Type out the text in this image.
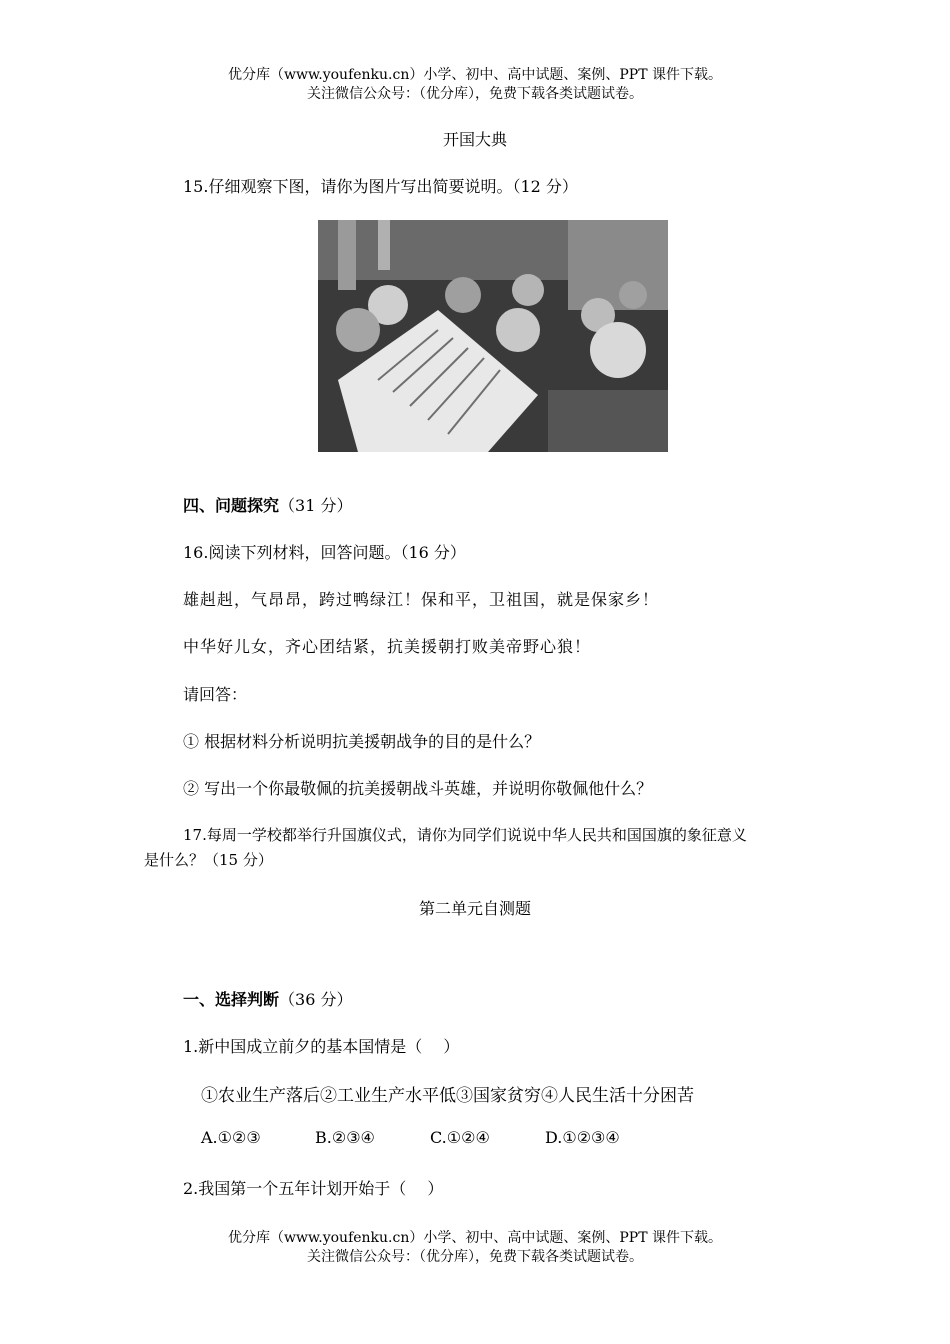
优分库（www.youfenku.cn）小学、初中、高中试题、案例、PPT 课件下载。
关注微信公众号：（优分库），免费下载各类试题试卷。
开国大典
15.仔细观察下图，请你为图片写出简要说明。（12 分）
四、问题探究（31 分）
16.阅读下列材料，回答问题。（16 分）
雄赳赳，气昂昂，跨过鸭绿江！保和平，卫祖国，就是保家乡！
中华好儿女，齐心团结紧，抗美援朝打败美帝野心狼！
请回答：
① 根据材料分析说明抗美援朝战争的目的是什么？
② 写出一个你最敬佩的抗美援朝战斗英雄，并说明你敬佩他什么？
17.每周一学校都举行升国旗仪式，请你为同学们说说中华人民共和国国旗的象征意义
是什么？（15 分）
第二单元自测题
一、选择判断（36 分）
1.新中国成立前夕的基本国情是（　 ）
①农业生产落后②工业生产水平低③国家贫穷④人民生活十分困苦
A.①②③	B.②③④	C.①②④	D.①②③④
2.我国第一个五年计划开始于（　 ）
优分库（www.youfenku.cn）小学、初中、高中试题、案例、PPT 课件下载。
关注微信公众号：（优分库），免费下载各类试题试卷。
